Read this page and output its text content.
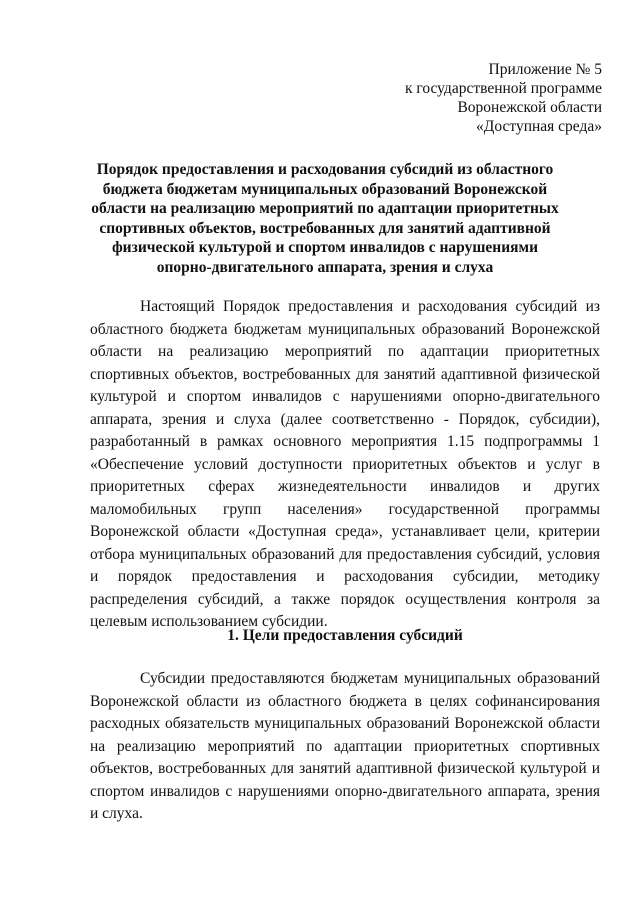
Приложение № 5
к государственной программе
Воронежской области
«Доступная среда»
Порядок предоставления и расходования субсидий из областного бюджета бюджетам муниципальных образований Воронежской области на реализацию мероприятий по адаптации приоритетных спортивных объектов, востребованных для занятий адаптивной физической культурой и спортом инвалидов с нарушениями опорно-двигательного аппарата, зрения и слуха

Настоящий Порядок предоставления и расходования субсидий из областного бюджета бюджетам муниципальных образований Воронежской области на реализацию мероприятий по адаптации приоритетных спортивных объектов, востребованных для занятий адаптивной физической культурой и спортом инвалидов с нарушениями опорно-двигательного аппарата, зрения и слуха (далее соответственно - Порядок, субсидии), разработанный в рамках основного мероприятия 1.15 подпрограммы 1 «Обеспечение условий доступности приоритетных объектов и услуг в приоритетных сферах жизнедеятельности инвалидов и других маломобильных групп населения» государственной программы Воронежской области «Доступная среда», устанавливает цели, критерии отбора муниципальных образований для предоставления субсидий, условия и порядок предоставления и расходования субсидии, методику распределения субсидий, а также порядок осуществления контроля за целевым использованием субсидии.

1. Цели предоставления субсидий

Субсидии предоставляются бюджетам муниципальных образований Воронежской области из областного бюджета в целях софинансирования расходных обязательств муниципальных образований Воронежской области на реализацию мероприятий по адаптации приоритетных спортивных объектов, востребованных для занятий адаптивной физической культурой и спортом инвалидов с нарушениями опорно-двигательного аппарата, зрения и слуха.
